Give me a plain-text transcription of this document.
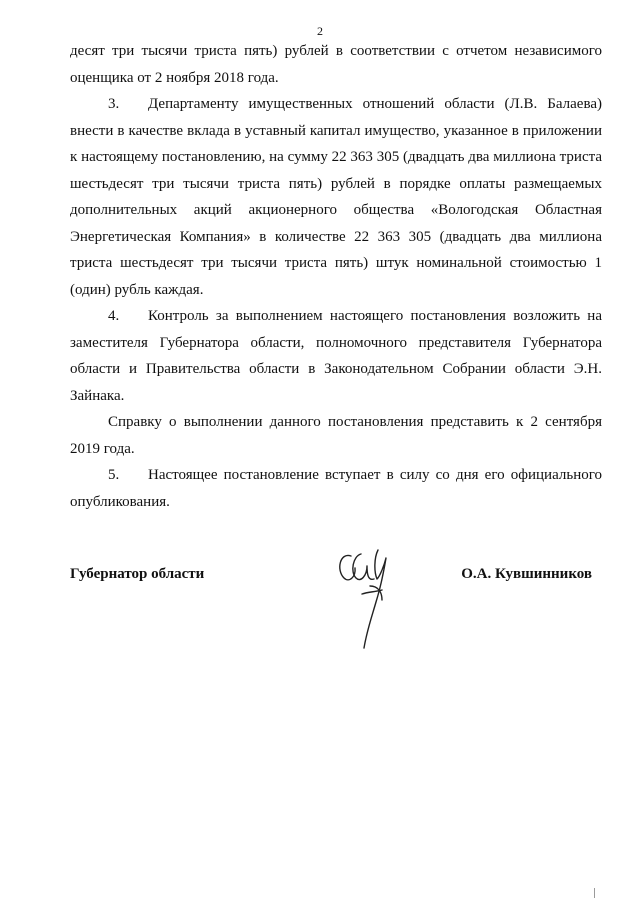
2

десят три тысячи триста пять) рублей в соответствии с отчетом независимого оценщика от 2 ноября 2018 года.

3. Департаменту имущественных отношений области (Л.В. Балаева) внести в качестве вклада в уставный капитал имущество, указанное в приложении к настоящему постановлению, на сумму 22 363 305 (двадцать два миллиона триста шестьдесят три тысячи триста пять) рублей в порядке оплаты размещаемых дополнительных акций акционерного общества «Вологодская Областная Энергетическая Компания» в количестве 22 363 305 (двадцать два миллиона триста шестьдесят три тысячи триста пять) штук номинальной стоимостью 1 (один) рубль каждая.

4. Контроль за выполнением настоящего постановления возложить на заместителя Губернатора области, полномочного представителя Губернатора области и Правительства области в Законодательном Собрании области Э.Н. Зайнака.

Справку о выполнении данного постановления представить к 2 сентября 2019 года.

5. Настоящее постановление вступает в силу со дня его официального опубликования.

Губернатор области	О.А. Кувшинников
